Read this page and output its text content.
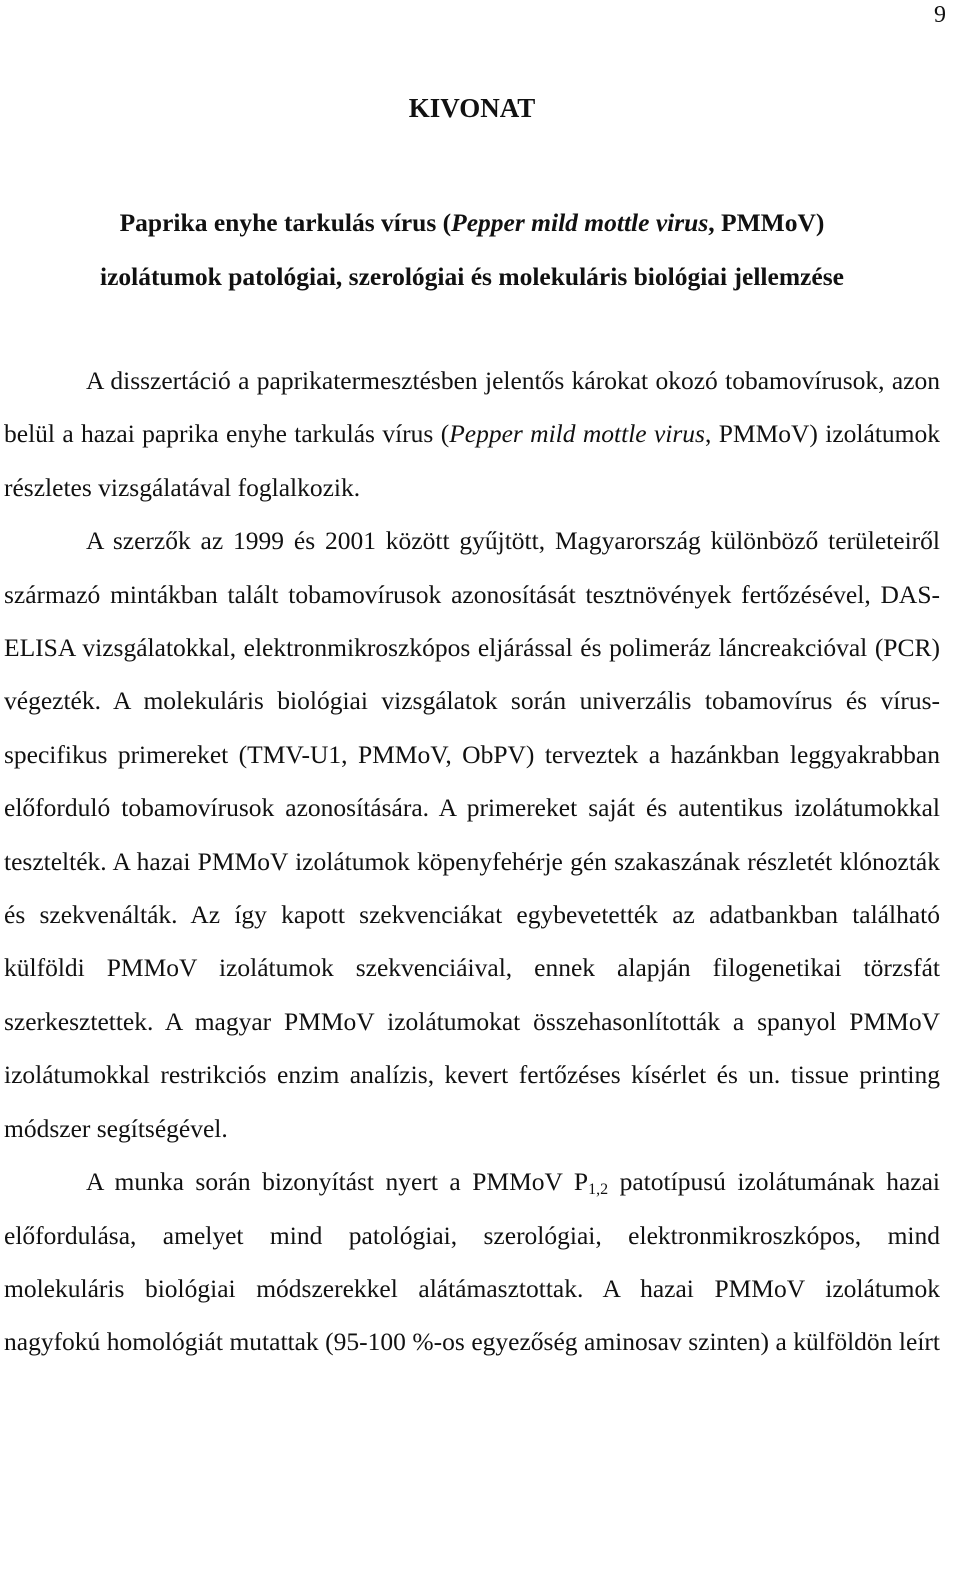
9
KIVONAT
Paprika enyhe tarkulás vírus (Pepper mild mottle virus, PMMoV)
izolátumok patológiai, szerológiai és molekuláris biológiai jellemzése

A disszertáció a paprikatermesztésben jelentős károkat okozó tobamovírusok, azon belül a hazai paprika enyhe tarkulás vírus (Pepper mild mottle virus, PMMoV) izolátumok részletes vizsgálatával foglalkozik.

A szerzők az 1999 és 2001 között gyűjtött, Magyarország különböző területeiről származó mintákban talált tobamovírusok azonosítását tesztnövények fertőzésével, DAS-ELISA vizsgálatokkal, elektronmikroszkópos eljárással és polimeráz láncreakcióval (PCR) végezték. A molekuláris biológiai vizsgálatok során univerzális tobamovírus és vírus-specifikus primereket (TMV-U1, PMMoV, ObPV) terveztek a hazánkban leggyakrabban előforduló tobamovírusok azonosítására. A primereket saját és autentikus izolátumokkal tesztelték. A hazai PMMoV izolátumok köpenyfehérje gén szakaszának részletét klónozták és szekvenálták. Az így kapott szekvenciákat egybevetették az adatbankban található külföldi PMMoV izolátumok szekvenciáival, ennek alapján filogenetikai törzsfát szerkesztettek. A magyar PMMoV izolátumokat összehasonlították a spanyol PMMoV izolátumokkal restrikciós enzim analízis, kevert fertőzéses kísérlet és un. tissue printing módszer segítségével.

A munka során bizonyítást nyert a PMMoV $P_{1,2}$ patotípusú izolátumának hazai előfordulása, amelyet mind patológiai, szerológiai, elektronmikroszkópos, mind molekuláris biológiai módszerekkel alátámasztottak. A hazai PMMoV izolátumok nagyfokú homológiát mutattak (95-100 %-os egyezőség aminosav szinten) a külföldön leírt
